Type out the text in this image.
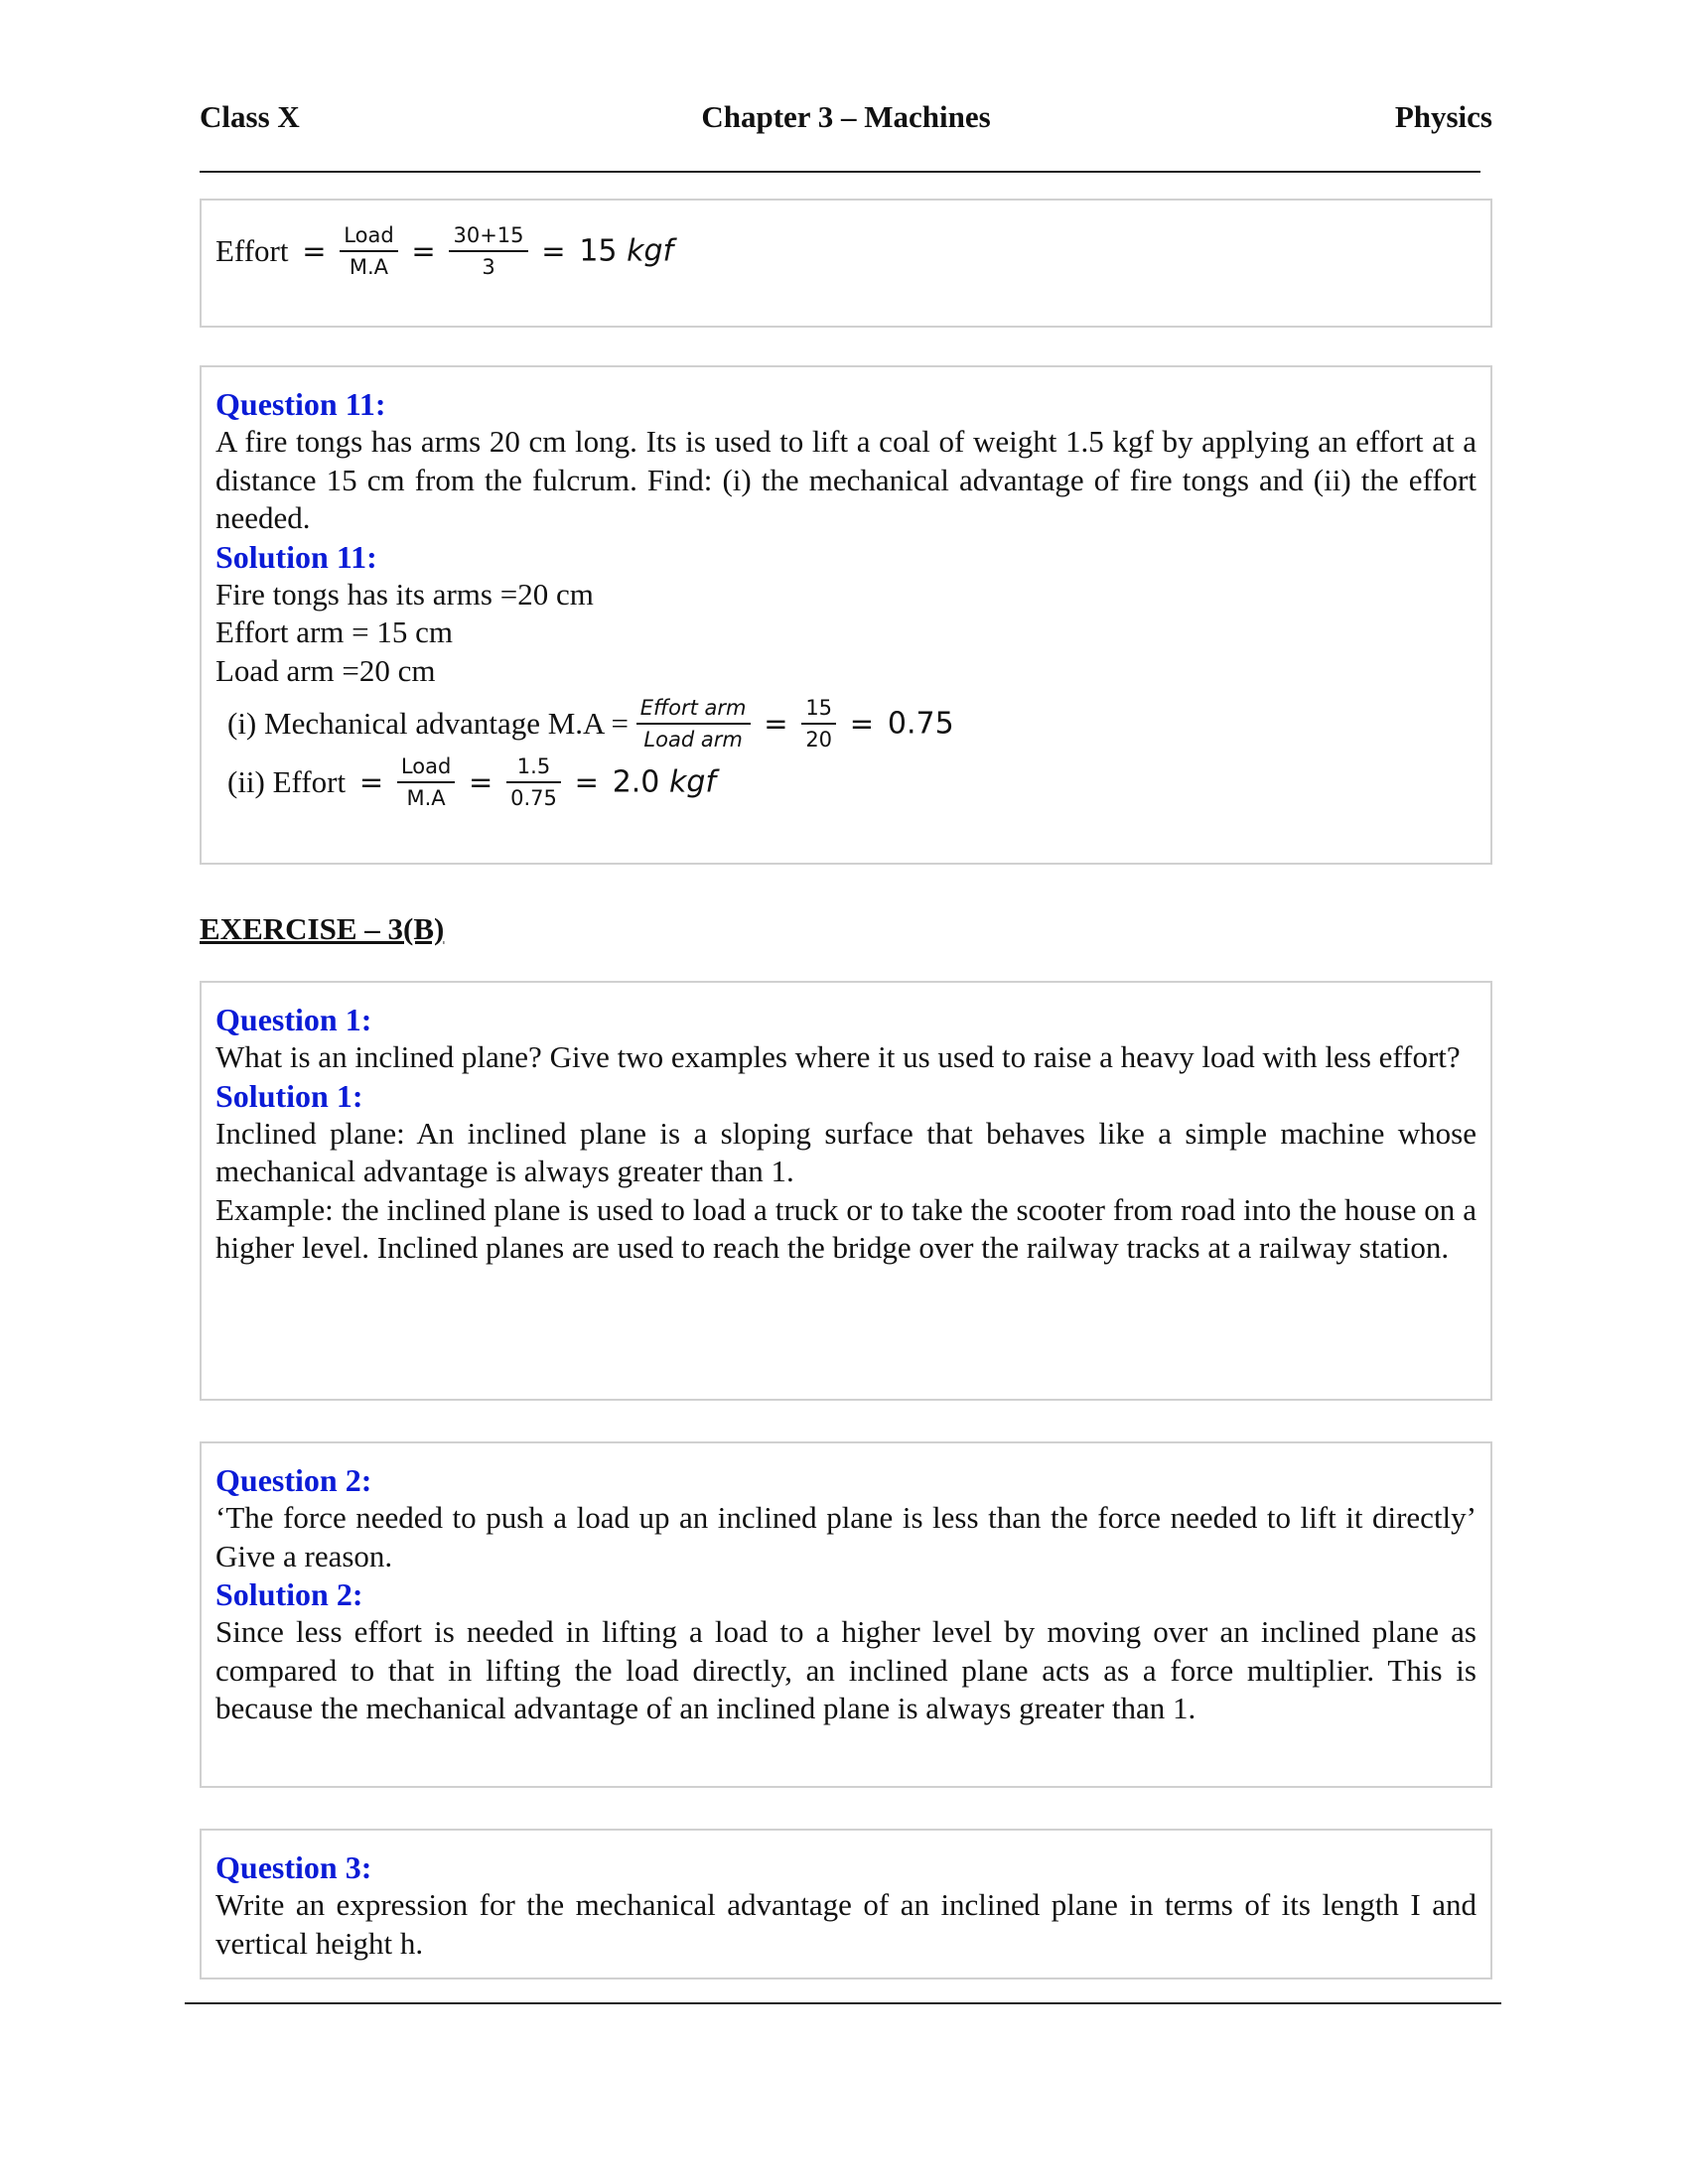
Class X	Chapter 3 – Machines	Physics
Effort = $\frac{\text{Load}}{M.A} = \frac{30+15}{3} = 15$ kgf
Question 11:
A fire tongs has arms 20 cm long. Its is used to lift a coal of weight 1.5 kgf by applying an effort at a distance 15 cm from the fulcrum. Find: (i) the mechanical advantage of fire tongs and (ii) the effort needed.
Solution 11:
Fire tongs has its arms =20 cm
Effort arm = 15 cm
Load arm =20 cm
(i) Mechanical advantage $M.A = \frac{\text{Effort arm}}{\text{Load arm}} = \frac{15}{20} = 0.75$
(ii) Effort = $\frac{\text{Load}}{M.A} = \frac{1.5}{0.75} = 2.0$ kgf
EXERCISE – 3(B)
Question 1:
What is an inclined plane? Give two examples where it us used to raise a heavy load with less effort?
Solution 1:
Inclined plane: An inclined plane is a sloping surface that behaves like a simple machine whose mechanical advantage is always greater than 1.
Example: the inclined plane is used to load a truck or to take the scooter from road into the house on a higher level. Inclined planes are used to reach the bridge over the railway tracks at a railway station.
Question 2:
‘The force needed to push a load up an inclined plane is less than the force needed to lift it directly’ Give a reason.
Solution 2:
Since less effort is needed in lifting a load to a higher level by moving over an inclined plane as compared to that in lifting the load directly, an inclined plane acts as a force multiplier. This is because the mechanical advantage of an inclined plane is always greater than 1.
Question 3:
Write an expression for the mechanical advantage of an inclined plane in terms of its length I and vertical height h.
